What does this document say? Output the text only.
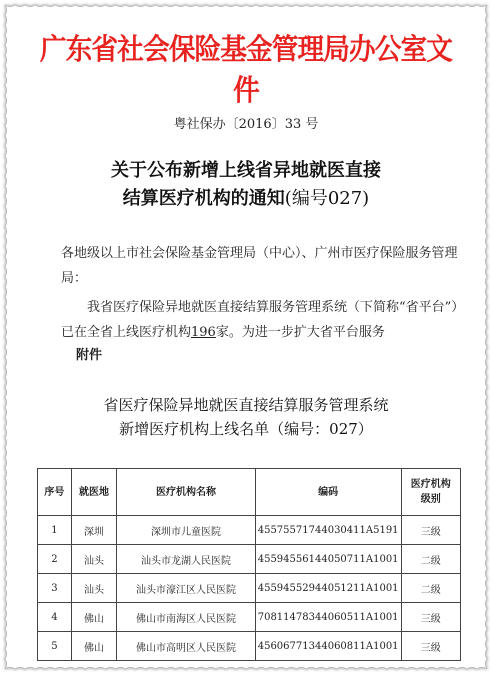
广东省社会保险基金管理局办公室文件
粤社保办〔2016〕33 号
关于公布新增上线省异地就医直接
结算医疗机构的通知(编号027)
各地级以上市社会保险基金管理局（中心）、广州市医疗保险服务管理局：
我省医疗保险异地就医直接结算服务管理系统（下简称“省平台”）已在全省上线医疗机构196家。为进一步扩大省平台服务
附件
省医疗保险异地就医直接结算服务管理系统
新增医疗机构上线名单（编号：027）
序号	就医地	医疗机构名称	编码	医疗机构
级别

1	深圳	深圳市儿童医院	45575571744030411A5191	三级
2	汕头	汕头市龙湖人民医院	45594556144050711A1001	二级
3	汕头	汕头市濠江区人民医院	45594552944051211A1001	二级
4	佛山	佛山市南海区人民医院	70811478344060511A1001	三级
5	佛山	佛山市高明区人民医院	45606771344060811A1001	三级
